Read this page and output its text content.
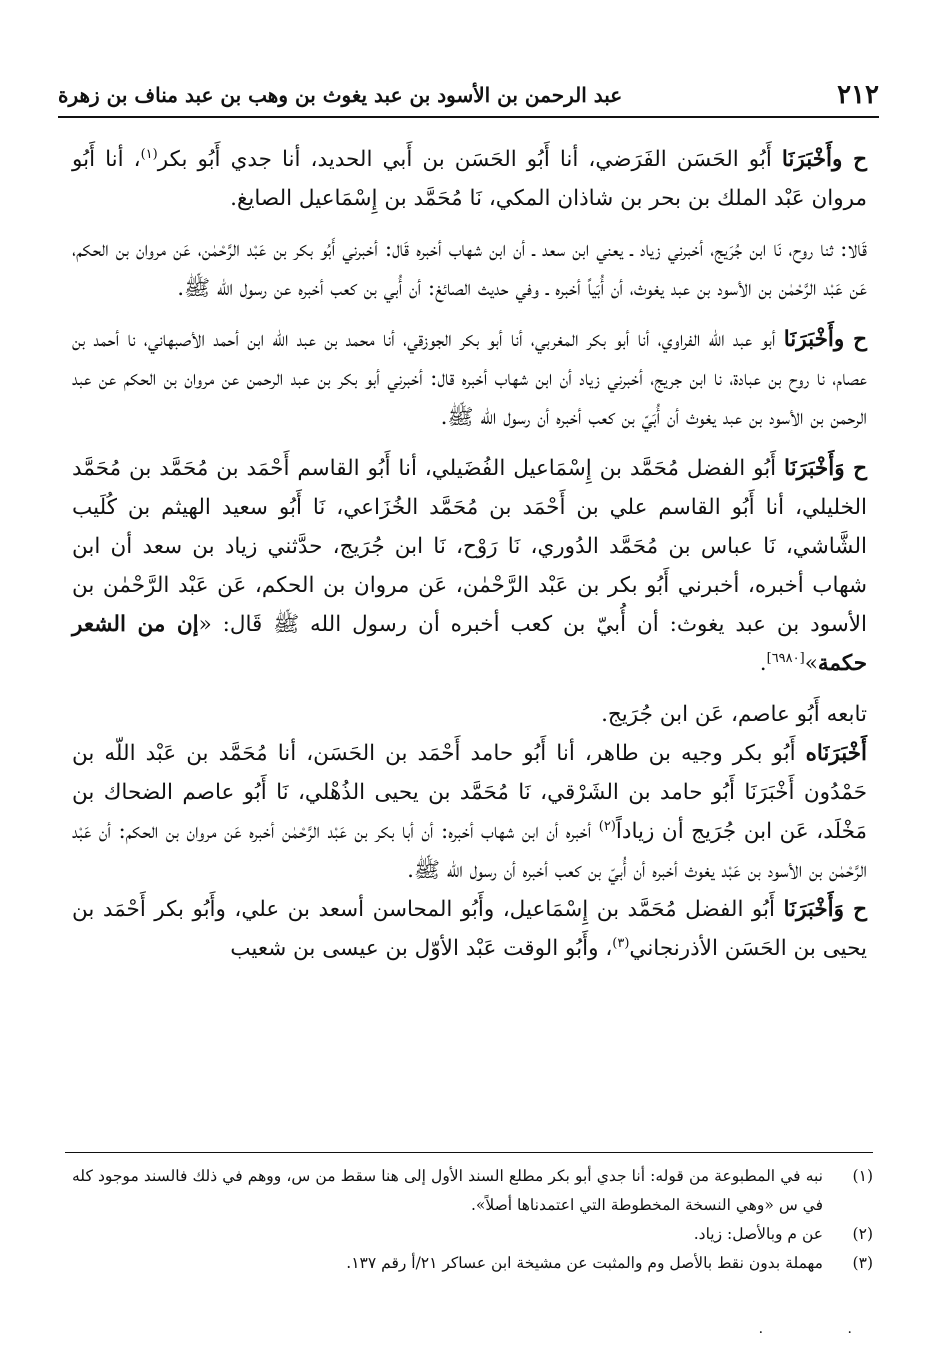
٢١٢
عبد الرحمن بن الأسود بن عبد يغوث بن وهب بن عبد مناف بن زهرة

ح وأَخْبَرَنَا أَبُو الحَسَن الفَرَضي، أنا أَبُو الحَسَن بن أَبي الحديد، أنا جدي أَبُو بكر$^{(١)}$، أنا أَبُو مروان عَبْد الملك بن بحر بن شاذان المكي، نَا مُحَمَّد بن إِسْمَاعيل الصايغ.

قَالا: ثنا روح، نَا ابن جُرَيج، أخبرني زياد ـ يعني ابن سعد ـ أن ابن شهاب أخبره قَال: أخبرني أَبُو بكر بن عَبْد الرَّحْمٰن، عَن مروان بن الحكم، عَن عَبْد الرَّحْمٰن بن الأسود بن عبد يغوث، أن أُبَياً أخبره ـ وفي حديث الصائغ: أن أُبي بن كعب أخبره عن رسول الله ﷺ.

ح وأَخْبَرَنَا أبو عبد اللّه الفراوي، أنا أبو بكر المغربي، أنا أبو بكر الجوزقي، أنا محمد بن عبد اللّه ابن أحمد الأصبهاني، نا أحمد بن عصام، نا روح بن عبادة، نا ابن جريج، أخبرني زياد أن ابن شهاب أخبره قال: أخبرني أبو بكر بن عبد الرحمن عن مروان بن الحكم عن عبد الرحمن بن الأسود بن عبد يغوث أن أُبَيّ بن كعب أخبره أن رسول اللّه ﷺ.

ح وَأَخْبَرَنَا أَبُو الفضل مُحَمَّد بن إِسْمَاعيل الفُضَيلي، أنا أَبُو القاسم أَحْمَد بن مُحَمَّد بن مُحَمَّد الخليلي، أنا أَبُو القاسم علي بن أَحْمَد بن مُحَمَّد الخُزَاعي، نَا أَبُو سعيد الهيثم بن كُلَيب الشَّاشي، نَا عباس بن مُحَمَّد الدُوري، نَا رَوْح، نَا ابن جُرَيج، حدَّثني زياد بن سعد أن ابن شهاب أخبره، أخبرني أَبُو بكر بن عَبْد الرَّحْمٰن، عَن مروان بن الحكم، عَن عَبْد الرَّحْمٰن بن الأسود بن عبد يغوث: أن أُبيّ بن كعب أخبره أن رسول الله ﷺ قَال: «إن من الشعر حكمة»[٦٩٨٠].

تابعه أَبُو عاصم، عَن ابن جُرَيج.

أَخْبَرَنَاه أَبُو بكر وجيه بن طاهر، أنا أَبُو حامد أَحْمَد بن الحَسَن، أنا مُحَمَّد بن عَبْد اللّه بن حَمْدُون أَخْبَرَنَا أَبُو حامد بن الشَرْقي، نَا مُحَمَّد بن يحيى الذُهْلي، نَا أَبُو عاصم الضحاك بن مَخْلَد، عَن ابن جُرَيج أن زياداً$^{(٢)}$ أخبره أن ابن شهاب أخبره: أن أبا بكر بن عَبْد الرَّحْمٰن أخبره عَن مروان بن الحكم: أن عَبْد الرَّحْمٰن بن الأسود بن عَبْد يغوث أخبره أن أُبيّ بن كعب أخبره أن رسول الله ﷺ.

ح وَأَخْبَرَنَا أَبُو الفضل مُحَمَّد بن إِسْمَاعيل، وأَبُو المحاسن أسعد بن علي، وأَبُو بكر أَحْمَد بن يحيى بن الحَسَن الأذرنجاني$^{(٣)}$، وأَبُو الوقت عَبْد الأوّل بن عيسى بن شعيب

(١)
نبه في المطبوعة من قوله: أنا جدي أبو بكر مطلع السند الأول إلى هنا سقط من س، ووهم في ذلك فالسند موجود كله في س «وهي النسخة المخطوطة التي اعتمدناها أصلاً».
(٢)
عن م وبالأصل: زياد.
(٣)
مهملة بدون نقط بالأصل وم والمثبت عن مشيخة ابن عساكر ٢١/أ رقم ١٣٧.
· ·
